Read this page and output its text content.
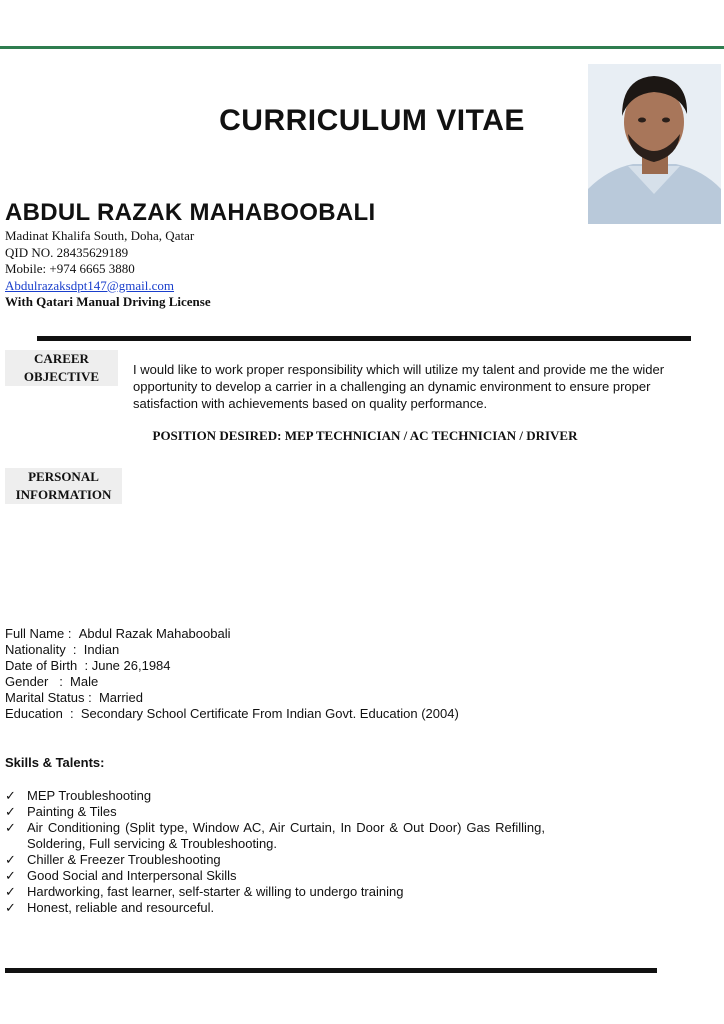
CURRICULUM VITAE
ABDUL RAZAK MAHABOOBALI
Madinat Khalifa South, Doha, Qatar
QID NO. 28435629189
Mobile: +974 6665 3880
Abdulrazaksdpt147@gmail.com
With Qatari Manual Driving License
CAREER
OBJECTIVE	I would like to work proper responsibility which will utilize my talent and provide me the wider opportunity to develop a carrier in a challenging an dynamic environment to ensure proper satisfaction with achievements based on quality performance.
POSITION DESIRED: MEP TECHNICIAN / AC TECHNICIAN / DRIVER
PERSONAL
INFORMATION
Full Name : Abdul Razak Mahaboobali
Nationality : Indian
Date of Birth : June 26,1984
Gender : Male
Marital Status : Married
Education : Secondary School Certificate From Indian Govt. Education (2004)
Skills & Talents:
✓ MEP Troubleshooting
✓ Painting & Tiles
✓ Air Conditioning (Split type, Window AC, Air Curtain, In Door & Out Door) Gas Refilling, Soldering, Full servicing & Troubleshooting.
✓ Chiller & Freezer Troubleshooting
✓ Good Social and Interpersonal Skills
✓ Hardworking, fast learner, self-starter & willing to undergo training
✓ Honest, reliable and resourceful.
